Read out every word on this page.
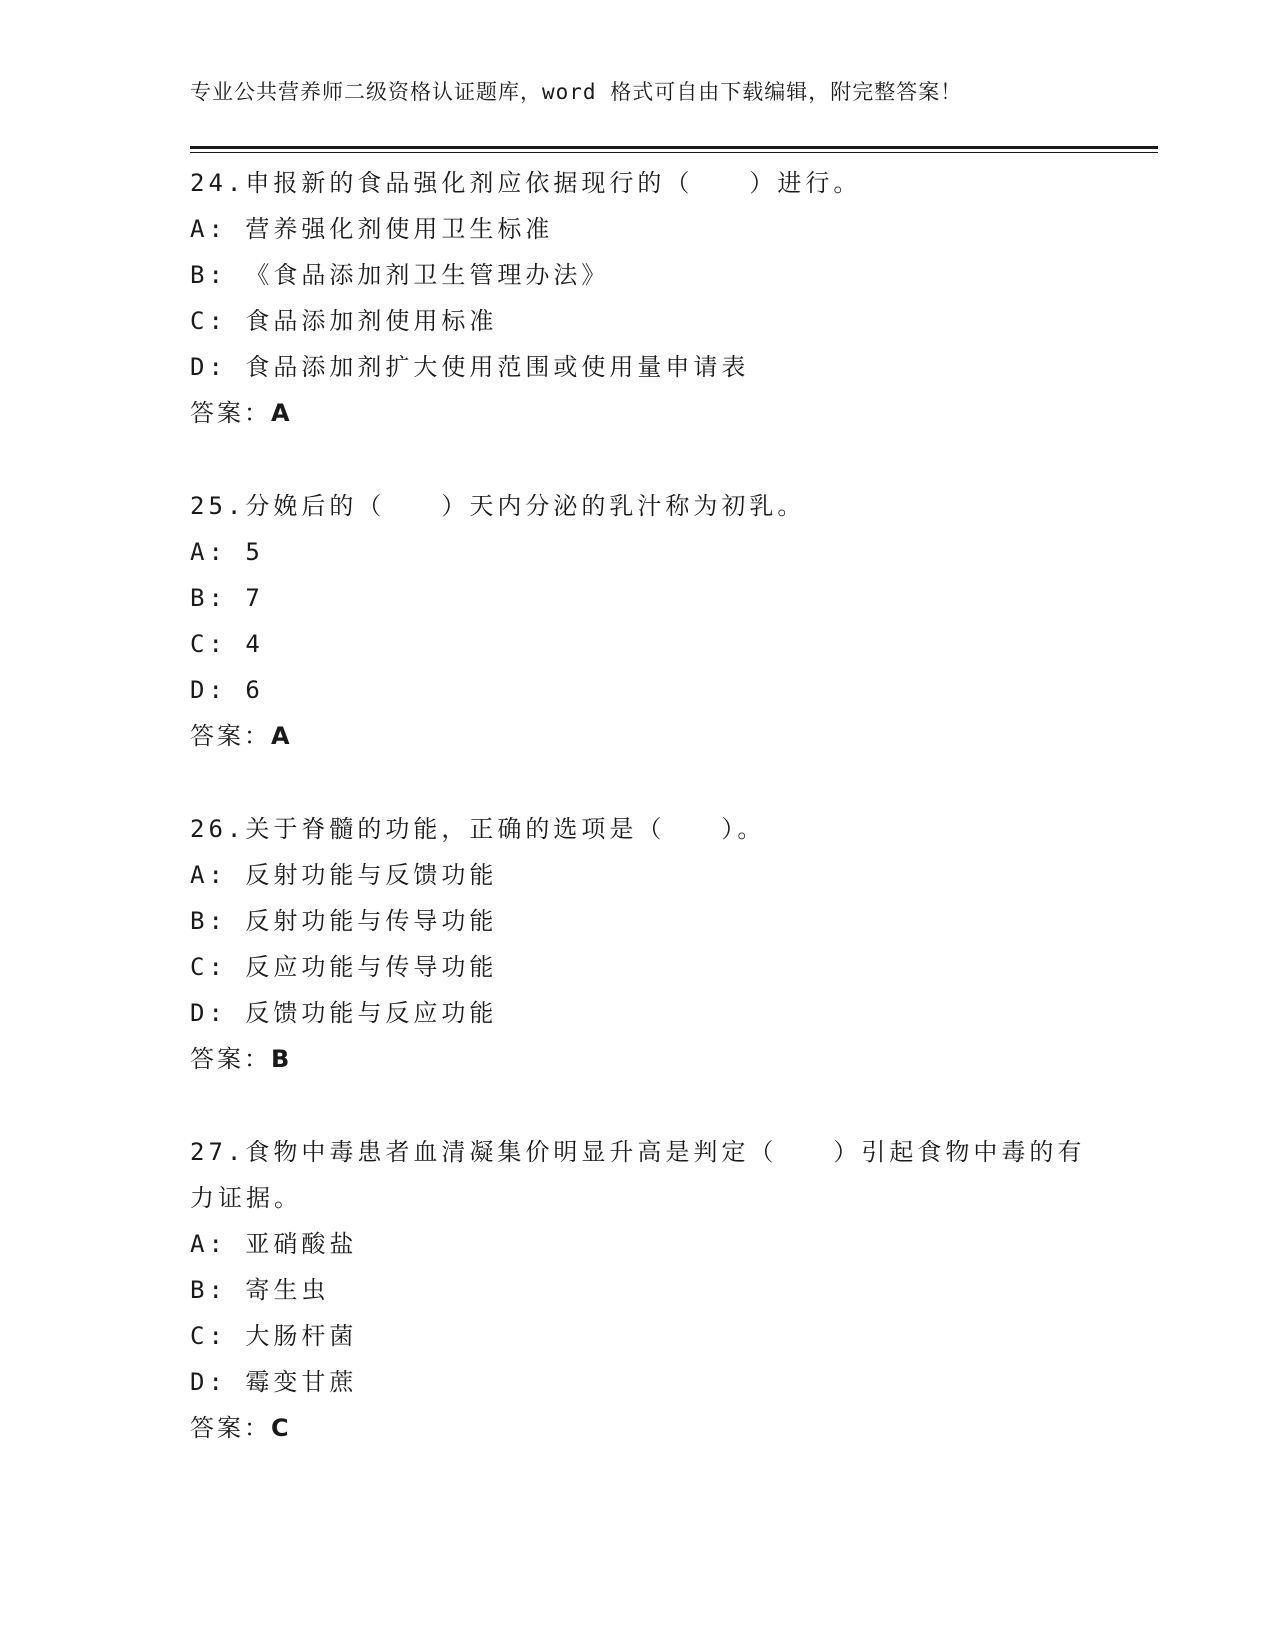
专业公共营养师二级资格认证题库，word 格式可自由下载编辑，附完整答案！
24.申报新的食品强化剂应依据现行的（　　）进行。
A: 营养强化剂使用卫生标准
B: 《食品添加剂卫生管理办法》
C: 食品添加剂使用标准
D: 食品添加剂扩大使用范围或使用量申请表
答案：A
25.分娩后的（　　）天内分泌的乳汁称为初乳。
A: 5
B: 7
C: 4
D: 6
答案：A
26.关于脊髓的功能，正确的选项是（　　）。
A: 反射功能与反馈功能
B: 反射功能与传导功能
C: 反应功能与传导功能
D: 反馈功能与反应功能
答案：B
27.食物中毒患者血清凝集价明显升高是判定（　　）引起食物中毒的有力证据。
A: 亚硝酸盐
B: 寄生虫
C: 大肠杆菌
D: 霉变甘蔗
答案：C
